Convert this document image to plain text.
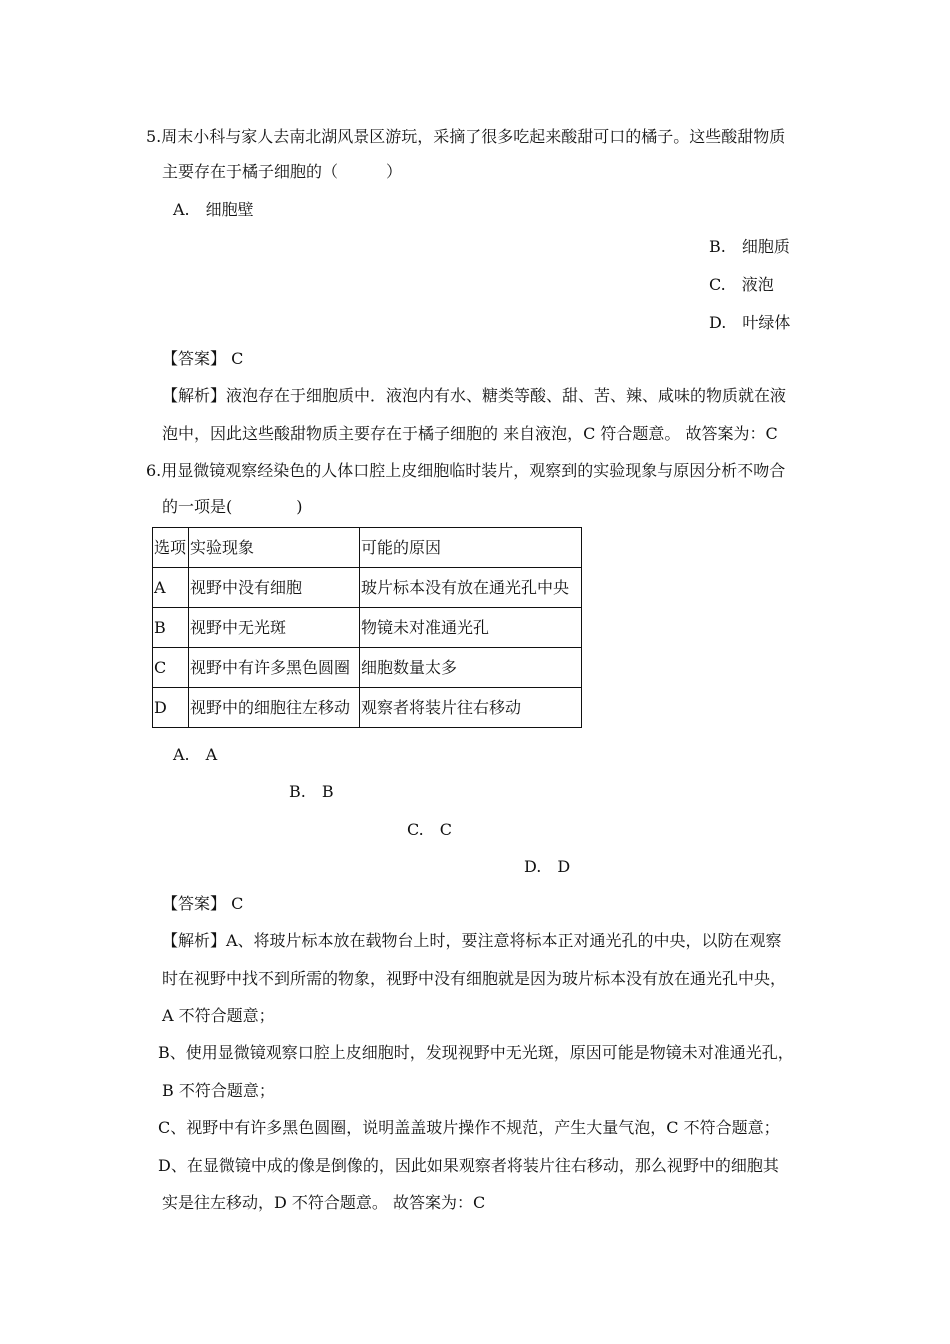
5.周末小科与家人去南北湖风景区游玩，采摘了很多吃起来酸甜可口的橘子。这些酸甜物质
主要存在于橘子细胞的（　　　）
A.　细胞壁
B.　细胞质
C.　液泡
D.　叶绿体
【答案】 C
【解析】液泡存在于细胞质中．液泡内有水、糖类等酸、甜、苦、辣、咸味的物质就在液
泡中，因此这些酸甜物质主要存在于橘子细胞的 来自液泡，C 符合题意。 故答案为：C
6.用显微镜观察经染色的人体口腔上皮细胞临时装片，观察到的实验现象与原因分析不吻合
的一项是(　　　　)
选项	实验现象	可能的原因
A	视野中没有细胞	玻片标本没有放在通光孔中央
B	视野中无光斑	物镜未对准通光孔
C	视野中有许多黑色圆圈	细胞数量太多
D	视野中的细胞往左移动	观察者将装片往右移动
A.　A
B.　B
C.　C
D.　D
【答案】 C
【解析】A、将玻片标本放在载物台上时，要注意将标本正对通光孔的中央，以防在观察
时在视野中找不到所需的物象，视野中没有细胞就是因为玻片标本没有放在通光孔中央，
A 不符合题意；
B、使用显微镜观察口腔上皮细胞时，发现视野中无光斑，原因可能是物镜未对准通光孔，
B 不符合题意；
C、视野中有许多黑色圆圈，说明盖盖玻片操作不规范，产生大量气泡，C 不符合题意；
D、在显微镜中成的像是倒像的，因此如果观察者将装片往右移动，那么视野中的细胞其
实是往左移动，D 不符合题意。 故答案为：C
